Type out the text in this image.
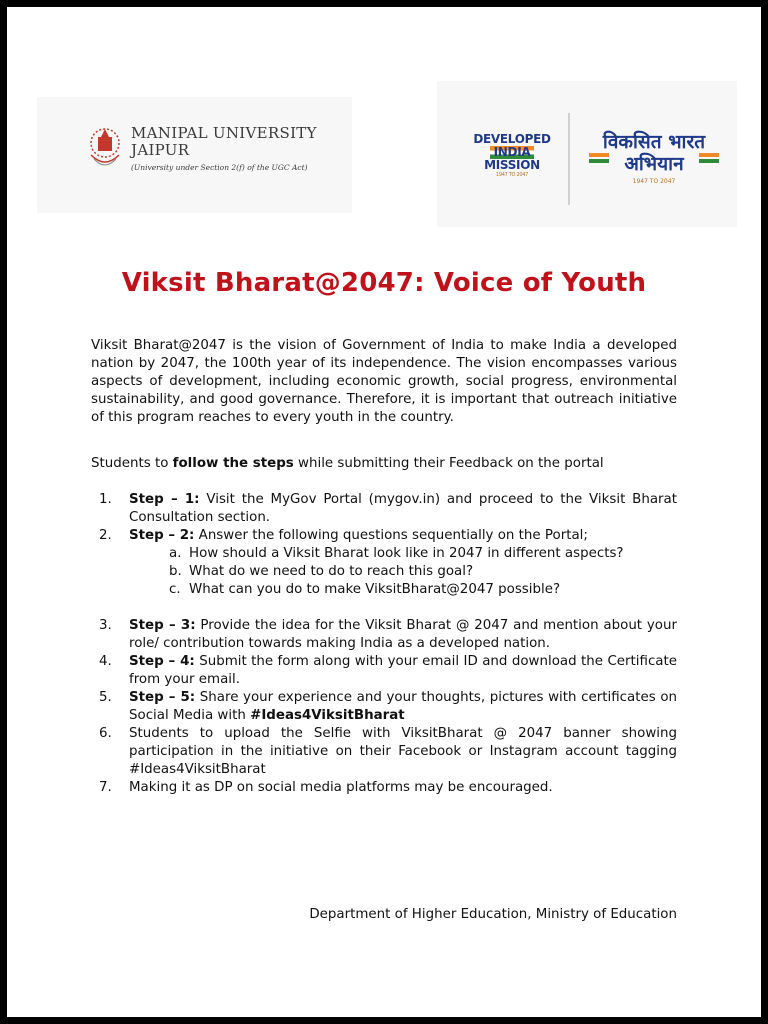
MANIPAL UNIVERSITY
JAIPUR
(University under Section 2(f) of the UGC Act)
DEVELOPED
INDIA
MISSION
1947 TO 2047
विकसित भारत
अभियान
1947 TO 2047
Viksit Bharat@2047: Voice of Youth
Viksit Bharat@2047 is the vision of Government of India to make India a developed nation by 2047, the 100th year of its independence. The vision encompasses various aspects of development, including economic growth, social progress, environmental sustainability, and good governance. Therefore, it is important that outreach initiative of this program reaches to every youth in the country.
Students to follow the steps while submitting their Feedback on the portal
1. Step – 1: Visit the MyGov Portal (mygov.in) and proceed to the Viksit Bharat Consultation section.
2. Step – 2: Answer the following questions sequentially on the Portal;
a. How should a Viksit Bharat look like in 2047 in different aspects?
b. What do we need to do to reach this goal?
c. What can you do to make ViksitBharat@2047 possible?
3. Step – 3: Provide the idea for the Viksit Bharat @ 2047 and mention about your role/ contribution towards making India as a developed nation.
4. Step – 4: Submit the form along with your email ID and download the Certificate from your email.
5. Step – 5: Share your experience and your thoughts, pictures with certificates on Social Media with #Ideas4ViksitBharat
6. Students to upload the Selfie with ViksitBharat @ 2047 banner showing participation in the initiative on their Facebook or Instagram account tagging #Ideas4ViksitBharat
7. Making it as DP on social media platforms may be encouraged.
Department of Higher Education, Ministry of Education
